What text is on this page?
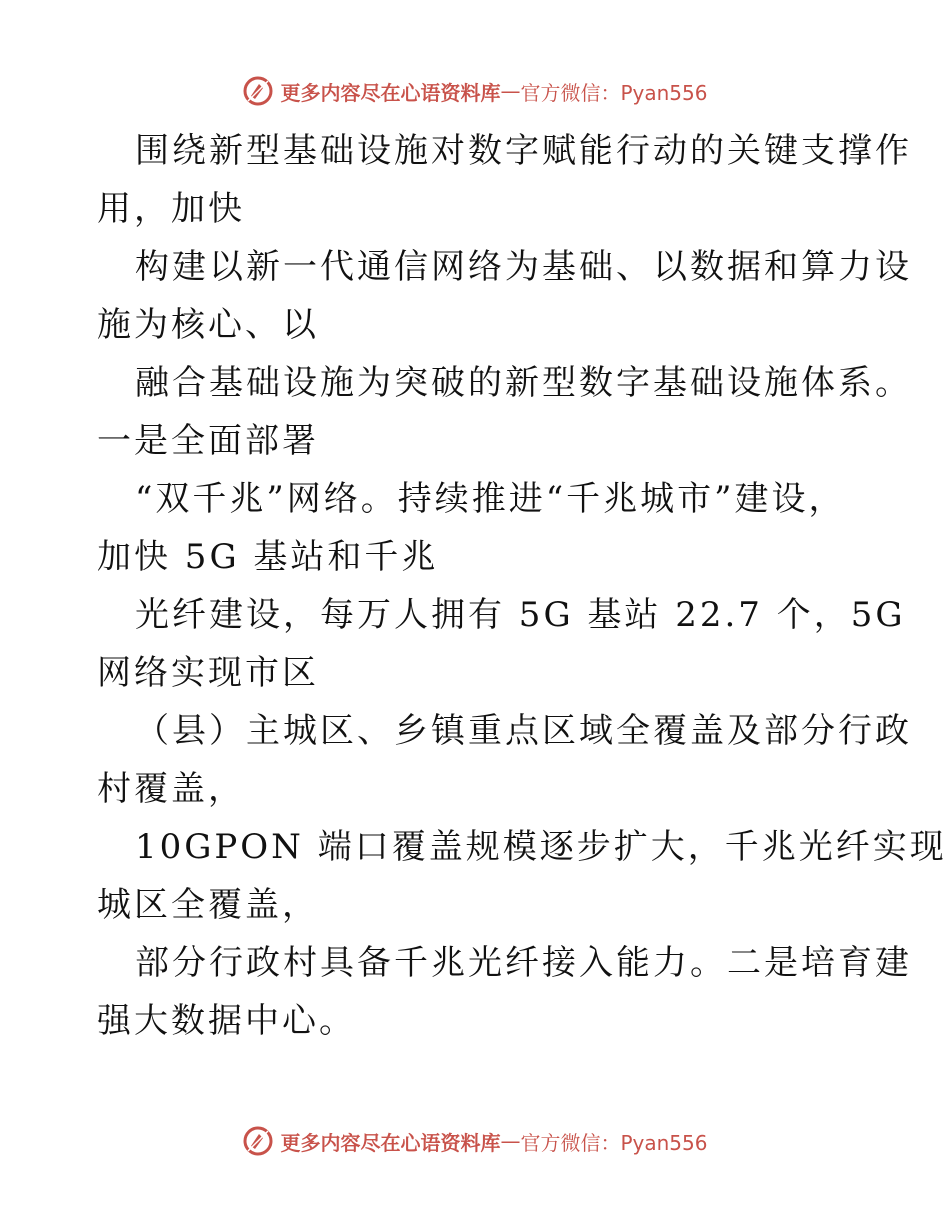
更多内容尽在心语资料库 — 官方微信：Pyan556
围绕新型基础设施对数字赋能行动的关键支撑作
用，加快
构建以新一代通信网络为基础、以数据和算力设
施为核心、以
融合基础设施为突破的新型数字基础设施体系。
一是全面部署
“双千兆”网络。持续推进“千兆城市”建设，
加快 5G 基站和千兆
光纤建设，每万人拥有 5G 基站 22.7 个，5G
网络实现市区
（县）主城区、乡镇重点区域全覆盖及部分行政
村覆盖，
10GPON 端口覆盖规模逐步扩大，千兆光纤实现
城区全覆盖，
部分行政村具备千兆光纤接入能力。二是培育建
强大数据中心。
更多内容尽在心语资料库 — 官方微信：Pyan556
